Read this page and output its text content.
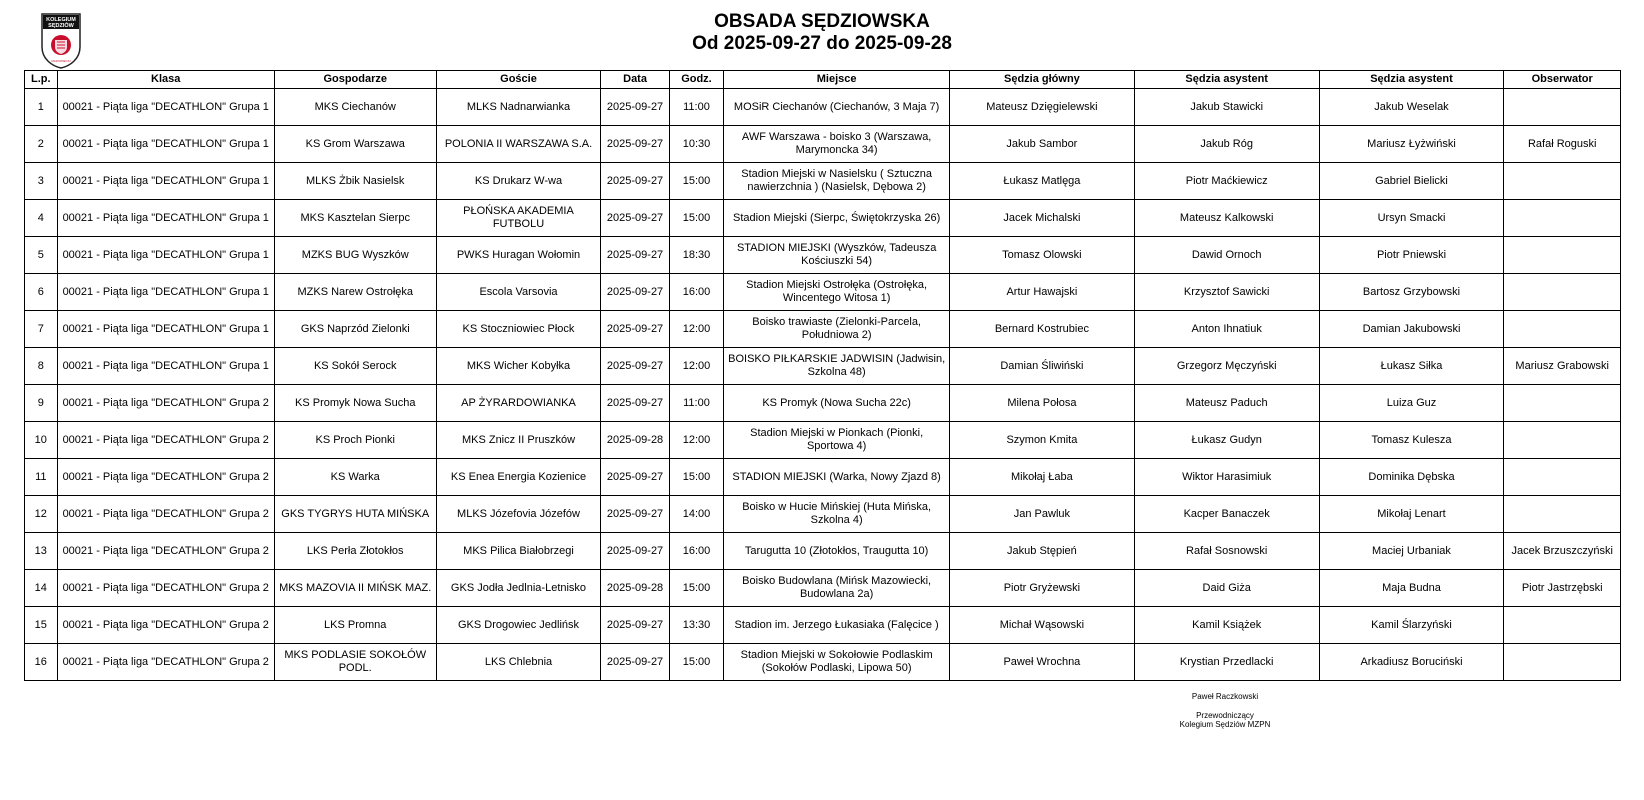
KOLEGIUM
SĘDZIÓW
MAZOWIECKI
OBSADA SĘDZIOWSKA
Od 2025-09-27 do 2025-09-28
L.p.	Klasa	Gospodarze	Goście	Data	Godz.	Miejsce	Sędzia główny	Sędzia asystent	Sędzia asystent	Obserwator
1	00021 - Piąta liga "DECATHLON" Grupa 1	MKS Ciechanów	MLKS Nadnarwianka	2025-09-27	11:00	MOSiR Ciechanów (Ciechanów, 3 Maja 7)	Mateusz Dzięgielewski	Jakub Stawicki	Jakub Weselak	
2	00021 - Piąta liga "DECATHLON" Grupa 1	KS Grom Warszawa	POLONIA II WARSZAWA S.A.	2025-09-27	10:30	AWF Warszawa - boisko 3 (Warszawa, Marymoncka 34)	Jakub Sambor	Jakub Róg	Mariusz Łyżwiński	Rafał Roguski
3	00021 - Piąta liga "DECATHLON" Grupa 1	MLKS Żbik Nasielsk	KS Drukarz W-wa	2025-09-27	15:00	Stadion Miejski w Nasielsku ( Sztuczna nawierzchnia ) (Nasielsk, Dębowa 2)	Łukasz Matlęga	Piotr Maćkiewicz	Gabriel Bielicki	
4	00021 - Piąta liga "DECATHLON" Grupa 1	MKS Kasztelan Sierpc	PŁOŃSKA AKADEMIA FUTBOLU	2025-09-27	15:00	Stadion Miejski (Sierpc, Świętokrzyska 26)	Jacek Michalski	Mateusz Kalkowski	Ursyn Smacki	
5	00021 - Piąta liga "DECATHLON" Grupa 1	MZKS BUG Wyszków	PWKS Huragan Wołomin	2025-09-27	18:30	STADION MIEJSKI (Wyszków, Tadeusza Kościuszki 54)	Tomasz Olowski	Dawid Ornoch	Piotr Pniewski	
6	00021 - Piąta liga "DECATHLON" Grupa 1	MZKS Narew Ostrołęka	Escola Varsovia	2025-09-27	16:00	Stadion Miejski Ostrołęka (Ostrołęka, Wincentego Witosa 1)	Artur Hawajski	Krzysztof Sawicki	Bartosz Grzybowski	
7	00021 - Piąta liga "DECATHLON" Grupa 1	GKS Naprzód Zielonki	KS Stoczniowiec Płock	2025-09-27	12:00	Boisko trawiaste (Zielonki-Parcela, Południowa 2)	Bernard Kostrubiec	Anton Ihnatiuk	Damian Jakubowski	
8	00021 - Piąta liga "DECATHLON" Grupa 1	KS Sokół Serock	MKS Wicher Kobyłka	2025-09-27	12:00	BOISKO PIŁKARSKIE JADWISIN (Jadwisin, Szkolna 48)	Damian Śliwiński	Grzegorz Męczyński	Łukasz Siłka	Mariusz Grabowski
9	00021 - Piąta liga "DECATHLON" Grupa 2	KS Promyk Nowa Sucha	AP ŻYRARDOWIANKA	2025-09-27	11:00	KS Promyk (Nowa Sucha 22c)	Milena Połosa	Mateusz Paduch	Luiza Guz	
10	00021 - Piąta liga "DECATHLON" Grupa 2	KS Proch Pionki	MKS Znicz II Pruszków	2025-09-28	12:00	Stadion Miejski w Pionkach (Pionki, Sportowa 4)	Szymon Kmita	Łukasz Gudyn	Tomasz Kulesza	
11	00021 - Piąta liga "DECATHLON" Grupa 2	KS Warka	KS Enea Energia Kozienice	2025-09-27	15:00	STADION MIEJSKI (Warka, Nowy Zjazd 8)	Mikołaj Łaba	Wiktor Harasimiuk	Dominika Dębska	
12	00021 - Piąta liga "DECATHLON" Grupa 2	GKS TYGRYS HUTA MIŃSKA	MLKS Józefovia Józefów	2025-09-27	14:00	Boisko w Hucie Mińskiej (Huta Mińska, Szkolna 4)	Jan Pawluk	Kacper Banaczek	Mikołaj Lenart	
13	00021 - Piąta liga "DECATHLON" Grupa 2	LKS Perła Złotokłos	MKS Pilica Białobrzegi	2025-09-27	16:00	Tarugutta 10 (Złotokłos, Traugutta 10)	Jakub Stępień	Rafał Sosnowski	Maciej Urbaniak	Jacek Brzuszczyński
14	00021 - Piąta liga "DECATHLON" Grupa 2	MKS MAZOVIA II MIŃSK MAZ.	GKS Jodła Jedlnia-Letnisko	2025-09-28	15:00	Boisko Budowlana (Mińsk Mazowiecki, Budowlana 2a)	Piotr Gryżewski	Daid Giża	Maja Budna	Piotr Jastrzębski
15	00021 - Piąta liga "DECATHLON" Grupa 2	LKS Promna	GKS Drogowiec Jedlińsk	2025-09-27	13:30	Stadion im. Jerzego Łukasiaka (Falęcice )	Michał Wąsowski	Kamil Książek	Kamil Ślarzyński	
16	00021 - Piąta liga "DECATHLON" Grupa 2	MKS PODLASIE SOKOŁÓW PODL.	LKS Chlebnia	2025-09-27	15:00	Stadion Miejski w Sokołowie Podlaskim (Sokołów Podlaski, Lipowa 50)	Paweł Wrochna	Krystian Przedlacki	Arkadiusz Boruciński	
Paweł Raczkowski
Przewodniczący
Kolegium Sędziów MZPN
